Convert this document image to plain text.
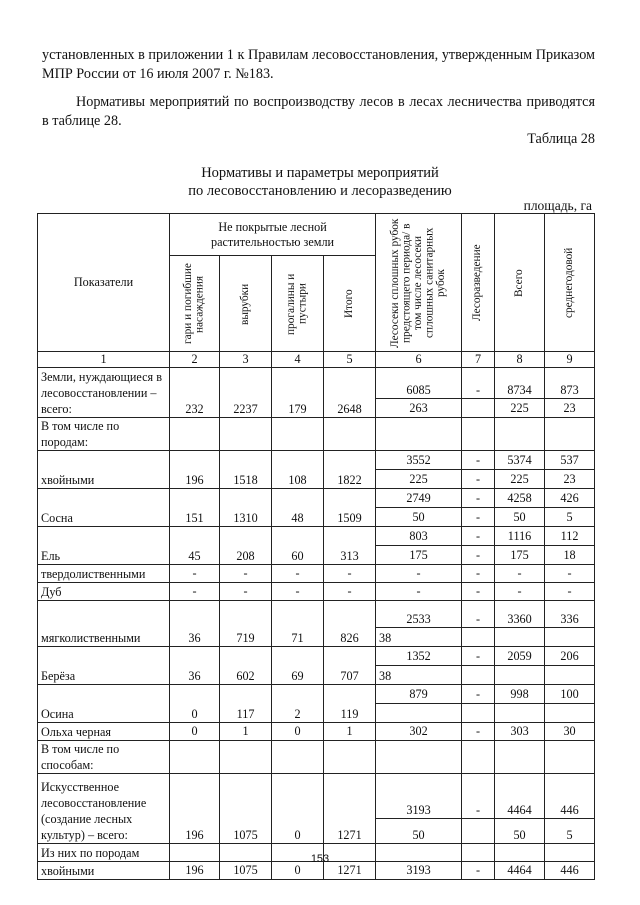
установленных в приложении 1 к Правилам лесовосстановления, утвержденным Приказом МПР России от 16 июля 2007 г. №183.
Нормативы мероприятий по воспроизводству лесов в лесах лесничества приводятся в таблице 28.
Таблица 28
Нормативы и параметры мероприятий
по лесовосстановлению и лесоразведению
площадь, га
Показатели	Не покрытые лесной растительностью земли				Лесосеки сплошных рубок предстоящего периода/ в том числе лесосеки сплошных санитарных рубок	Лесоразведение	Всего	среднегодовой

	гари и погибшие насаждения	вырубки	прогалины и пустыри	Итого				

1	2	3	4	5	6	7	8	9
Земли, нуждающиеся в лесовосстановлении – всего:	232	2237	179	2648	6085	-	8734	873
					263		225	23
В том числе по породам:								
хвойными	196	1518	108	1822	3552	-	5374	537
					225	-	225	23
Сосна	151	1310	48	1509	2749	-	4258	426
					50	-	50	5
Ель	45	208	60	313	803	-	1116	112
					175	-	175	18
твердолиственными	-	-	-	-	-	-	-	-
Дуб	-	-	-	-	-	-	-	-
мягколиственными	36	719	71	826	2533	-	3360	336
					38			
Берёза	36	602	69	707	1352	-	2059	206
					38			
Осина	0	117	2	119	879	-	998	100

Ольха черная	0	1	0	1	302	-	303	30
В том числе по способам:								
Искусственное лесовосстановление (создание лесных культур) – всего:	196	1075	0	1271	3193	-	4464	446
					50		50	5
Из них по породам								
хвойными	196	1075	0	1271	3193	-	4464	446
153
